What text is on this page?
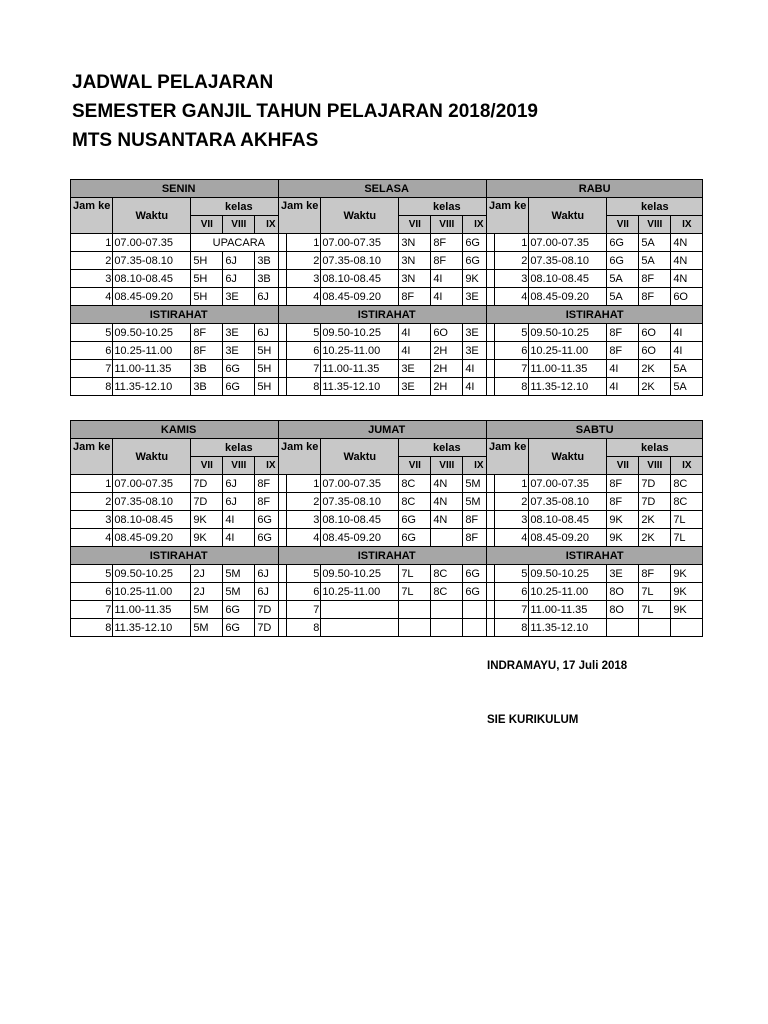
JADWAL PELAJARAN
SEMESTER GANJIL TAHUN PELAJARAN 2018/2019
MTS NUSANTARA AKHFAS
SENIN				
Jam ke	Waktu	kelas		
		VII	VIII	IX
1	07.00-07.35	UPACARA		
2	07.35-08.10	5H	6J	3B
3	08.10-08.45	5H	6J	3B
4	08.45-09.20	5H	3E	6J
ISTIRAHAT				
5	09.50-10.25	8F	3E	6J
6	10.25-11.00	8F	3E	5H
7	11.00-11.35	3B	6G	5H
8	11.35-12.10	3B	6G	5H
SELASA				
Jam ke	Waktu	kelas		
		VII	VIII	IX
1	07.00-07.35	3N	8F	6G
2	07.35-08.10	3N	8F	6G
3	08.10-08.45	3N	4I	9K
4	08.45-09.20	8F	4I	3E
ISTIRAHAT				
5	09.50-10.25	4I	6O	3E
6	10.25-11.00	4I	2H	3E
7	11.00-11.35	3E	2H	4I
8	11.35-12.10	3E	2H	4I
RABU				
Jam ke	Waktu	kelas		
		VII	VIII	IX
1	07.00-07.35	6G	5A	4N
2	07.35-08.10	6G	5A	4N
3	08.10-08.45	5A	8F	4N
4	08.45-09.20	5A	8F	6O
ISTIRAHAT				
5	09.50-10.25	8F	6O	4I
6	10.25-11.00	8F	6O	4I
7	11.00-11.35	4I	2K	5A
8	11.35-12.10	4I	2K	5A
KAMIS				
Jam ke	Waktu	kelas		
		VII	VIII	IX
1	07.00-07.35	7D	6J	8F
2	07.35-08.10	7D	6J	8F
3	08.10-08.45	9K	4I	6G
4	08.45-09.20	9K	4I	6G
ISTIRAHAT				
5	09.50-10.25	2J	5M	6J
6	10.25-11.00	2J	5M	6J
7	11.00-11.35	5M	6G	7D
8	11.35-12.10	5M	6G	7D
JUMAT				
Jam ke	Waktu	kelas		
		VII	VIII	IX
1	07.00-07.35	8C	4N	5M
2	07.35-08.10	8C	4N	5M
3	08.10-08.45	6G	4N	8F
4	08.45-09.20	6G		8F
ISTIRAHAT				
5	09.50-10.25	7L	8C	6G
6	10.25-11.00	7L	8C	6G
7				
8				
SABTU				
Jam ke	Waktu	kelas		
		VII	VIII	IX
1	07.00-07.35	8F	7D	8C
2	07.35-08.10	8F	7D	8C
3	08.10-08.45	9K	2K	7L
4	08.45-09.20	9K	2K	7L
ISTIRAHAT				
5	09.50-10.25	3E	8F	9K
6	10.25-11.00	8O	7L	9K
7	11.00-11.35	8O	7L	9K
8	11.35-12.10			
INDRAMAYU, 17 Juli 2018
SIE KURIKULUM
